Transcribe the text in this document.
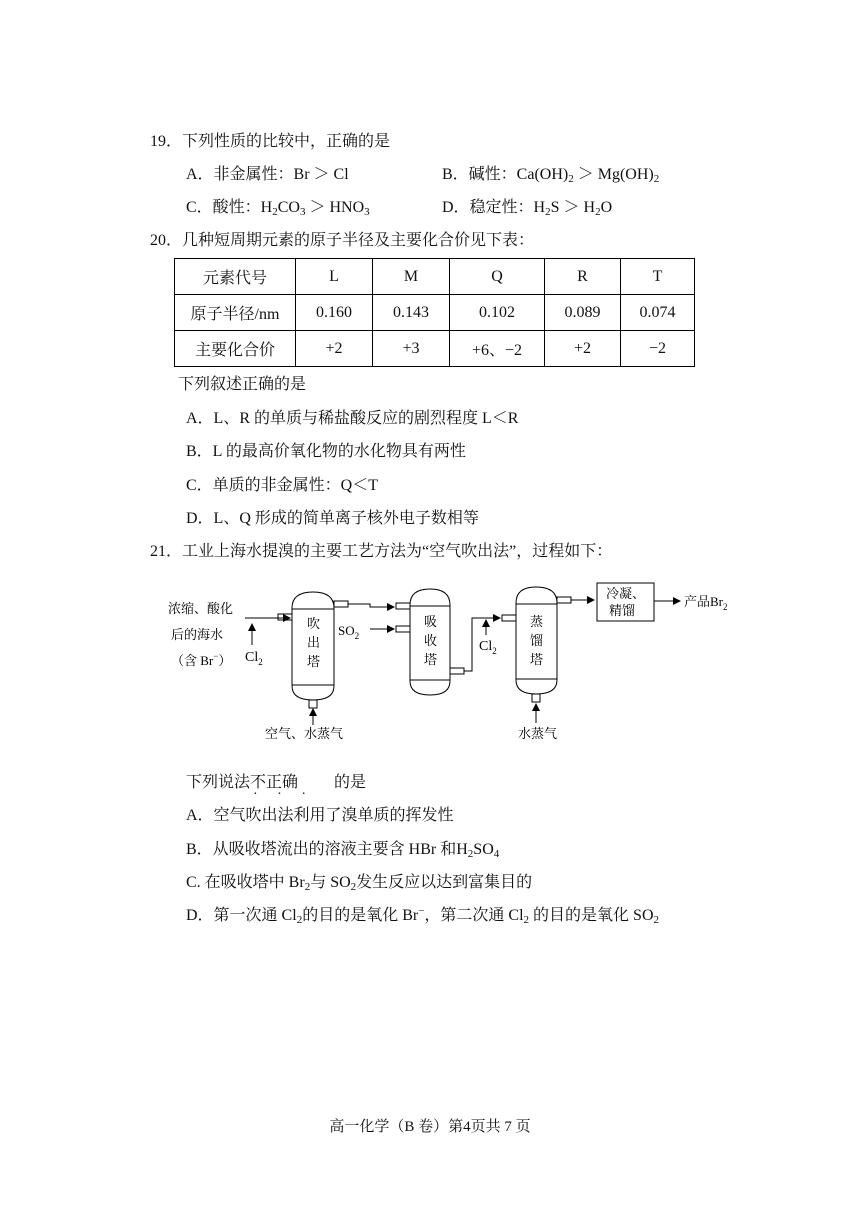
19．下列性质的比较中，正确的是
A．非金属性：Br ＞ Cl	B．碱性：$Ca(OH)_2 > Mg(OH)_2$
C．酸性：$H_2CO_3 > HNO_3$	D．稳定性：$H_2S > H_2O$
20．几种短周期元素的原子半径及主要化合价见下表：
元素代号	L	M	Q	R	T
原子半径/nm	0.160	0.143	0.102	0.089	0.074
主要化合价	+2	+3	+6、−2	+2	−2
下列叙述正确的是
A．L、R 的单质与稀盐酸反应的剧烈程度 L＜R
B．L 的最高价氧化物的水化物具有两性
C．单质的非金属性：Q＜T
D．L、Q 形成的简单离子核外电子数相等
21．工业上海水提溴的主要工艺方法为“空气吹出法”，过程如下：
浓缩、酸化
后的海水
（含 Br−） $Cl_2$
吹
出
塔
空气、水蒸气
$SO_2$
吸
收
塔
$Cl_2$
蒸
馏
塔
水蒸气
冷凝、
精馏
产品$Br_2$
下列说法不正确 的是
· · ·
A．空气吹出法利用了溴单质的挥发性
B．从吸收塔流出的溶液主要含 HBr 和$H_2SO_4$
C. 在吸收塔中 $Br_2$与 $SO_2$发生反应以达到富集目的
D．第一次通 $Cl_2$的目的是氧化 Br−，第二次通 $Cl_2$ 的目的是氧化 $SO_2$
高一化学（B 卷）第4页共 7 页
